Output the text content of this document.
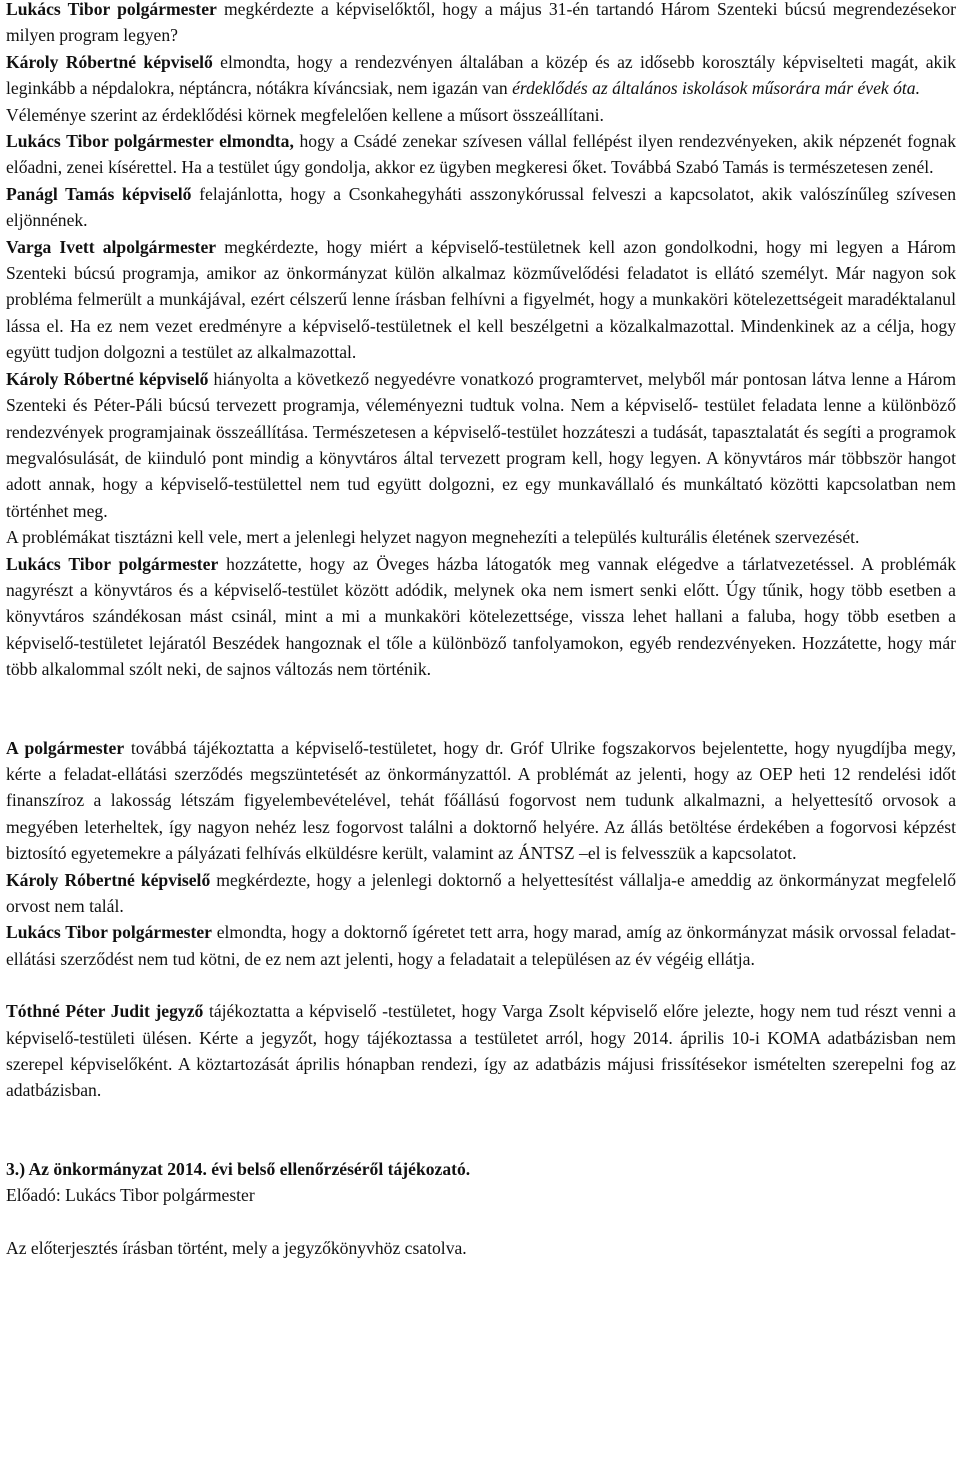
Lukács Tibor polgármester megkérdezte a képviselőktől, hogy a május 31-én tartandó Három Szenteki búcsú megrendezésekor milyen program legyen?

Károly Róbertné képviselő elmondta, hogy a rendezvényen általában a közép és az idősebb korosztály képviselteti magát, akik leginkább a népdalokra, néptáncra, nótákra kíváncsiak, nem igazán van érdeklődés az általános iskolások műsorára már évek óta.

Véleménye szerint az érdeklődési körnek megfelelően kellene a műsort összeállítani.

Lukács Tibor polgármester elmondta, hogy a Csádé zenekar szívesen vállal fellépést ilyen rendezvényeken, akik népzenét fognak előadni, zenei kísérettel. Ha a testület úgy gondolja, akkor ez ügyben megkeresi őket. Továbbá Szabó Tamás is természetesen zenél.

Panágl Tamás képviselő felajánlotta, hogy a Csonkahegyháti asszonykórussal felveszi a kapcsolatot, akik valószínűleg szívesen eljönnének.

Varga Ivett alpolgármester megkérdezte, hogy miért a képviselő-testületnek kell azon gondolkodni, hogy mi legyen a Három Szenteki búcsú programja, amikor az önkormányzat külön alkalmaz közművelődési feladatot is ellátó személyt. Már nagyon sok probléma felmerült a munkájával, ezért célszerű lenne írásban felhívni a figyelmét, hogy a munkaköri kötelezettségeit maradéktalanul lássa el. Ha ez nem vezet eredményre a képviselő-testületnek el kell beszélgetni a közalkalmazottal. Mindenkinek az a célja, hogy együtt tudjon dolgozni a testület az alkalmazottal.

Károly Róbertné képviselő hiányolta a következő negyedévre vonatkozó programtervet, melyből már pontosan látva lenne a Három Szenteki és Péter-Páli búcsú tervezett programja, véleményezni tudtuk volna. Nem a képviselő- testület feladata lenne a különböző rendezvények programjainak összeállítása. Természetesen a képviselő-testület hozzáteszi a tudását, tapasztalatát és segíti a programok megvalósulását, de kiinduló pont mindig a könyvtáros által tervezett program kell, hogy legyen. A könyvtáros már többször hangot adott annak, hogy a képviselő-testülettel nem tud együtt dolgozni, ez egy munkavállaló és munkáltató közötti kapcsolatban nem történhet meg.

A problémákat tisztázni kell vele, mert a jelenlegi helyzet nagyon megnehezíti a település kulturális életének szervezését.

Lukács Tibor polgármester hozzátette, hogy az Öveges házba látogatók meg vannak elégedve a tárlatvezetéssel. A problémák nagyrészt a könyvtáros és a képviselő-testület között adódik, melynek oka nem ismert senki előtt. Úgy tűnik, hogy több esetben a könyvtáros szándékosan mást csinál, mint a mi a munkaköri kötelezettsége, vissza lehet hallani a faluba, hogy több esetben a képviselő-testületet lejáratól Beszédek hangoznak el tőle a különböző tanfolyamokon, egyéb rendezvényeken. Hozzátette, hogy már több alkalommal szólt neki, de sajnos változás nem történik.

A polgármester továbbá tájékoztatta a képviselő-testületet, hogy dr. Gróf Ulrike fogszakorvos bejelentette, hogy nyugdíjba megy, kérte a feladat-ellátási szerződés megszüntetését az önkormányzattól. A problémát az jelenti, hogy az OEP heti 12 rendelési időt finanszíroz a lakosság létszám figyelembevételével, tehát főállású fogorvost nem tudunk alkalmazni, a helyettesítő orvosok a megyében leterheltek, így nagyon nehéz lesz fogorvost találni a doktornő helyére. Az állás betöltése érdekében a fogorvosi képzést biztosító egyetemekre a pályázati felhívás elküldésre került, valamint az ÁNTSZ –el is felvesszük a kapcsolatot.

Károly Róbertné képviselő megkérdezte, hogy a jelenlegi doktornő a helyettesítést vállalja-e ameddig az önkormányzat megfelelő orvost nem talál.

Lukács Tibor polgármester elmondta, hogy a doktornő ígéretet tett arra, hogy marad, amíg az önkormányzat másik orvossal feladat-ellátási szerződést nem tud kötni, de ez nem azt jelenti, hogy a feladatait a településen az év végéig ellátja.

Tóthné Péter Judit jegyző tájékoztatta a képviselő -testületet, hogy Varga Zsolt képviselő előre jelezte, hogy nem tud részt venni a képviselő-testületi ülésen. Kérte a jegyzőt, hogy tájékoztassa a testületet arról, hogy 2014. április 10-i KOMA adatbázisban nem szerepel képviselőként. A köztartozását április hónapban rendezi, így az adatbázis májusi frissítésekor ismételten szerepelni fog az adatbázisban.

3.) Az önkormányzat 2014. évi belső ellenőrzéséről tájékozató.

Előadó: Lukács Tibor polgármester

Az előterjesztés írásban történt, mely a jegyzőkönyvhöz csatolva.
